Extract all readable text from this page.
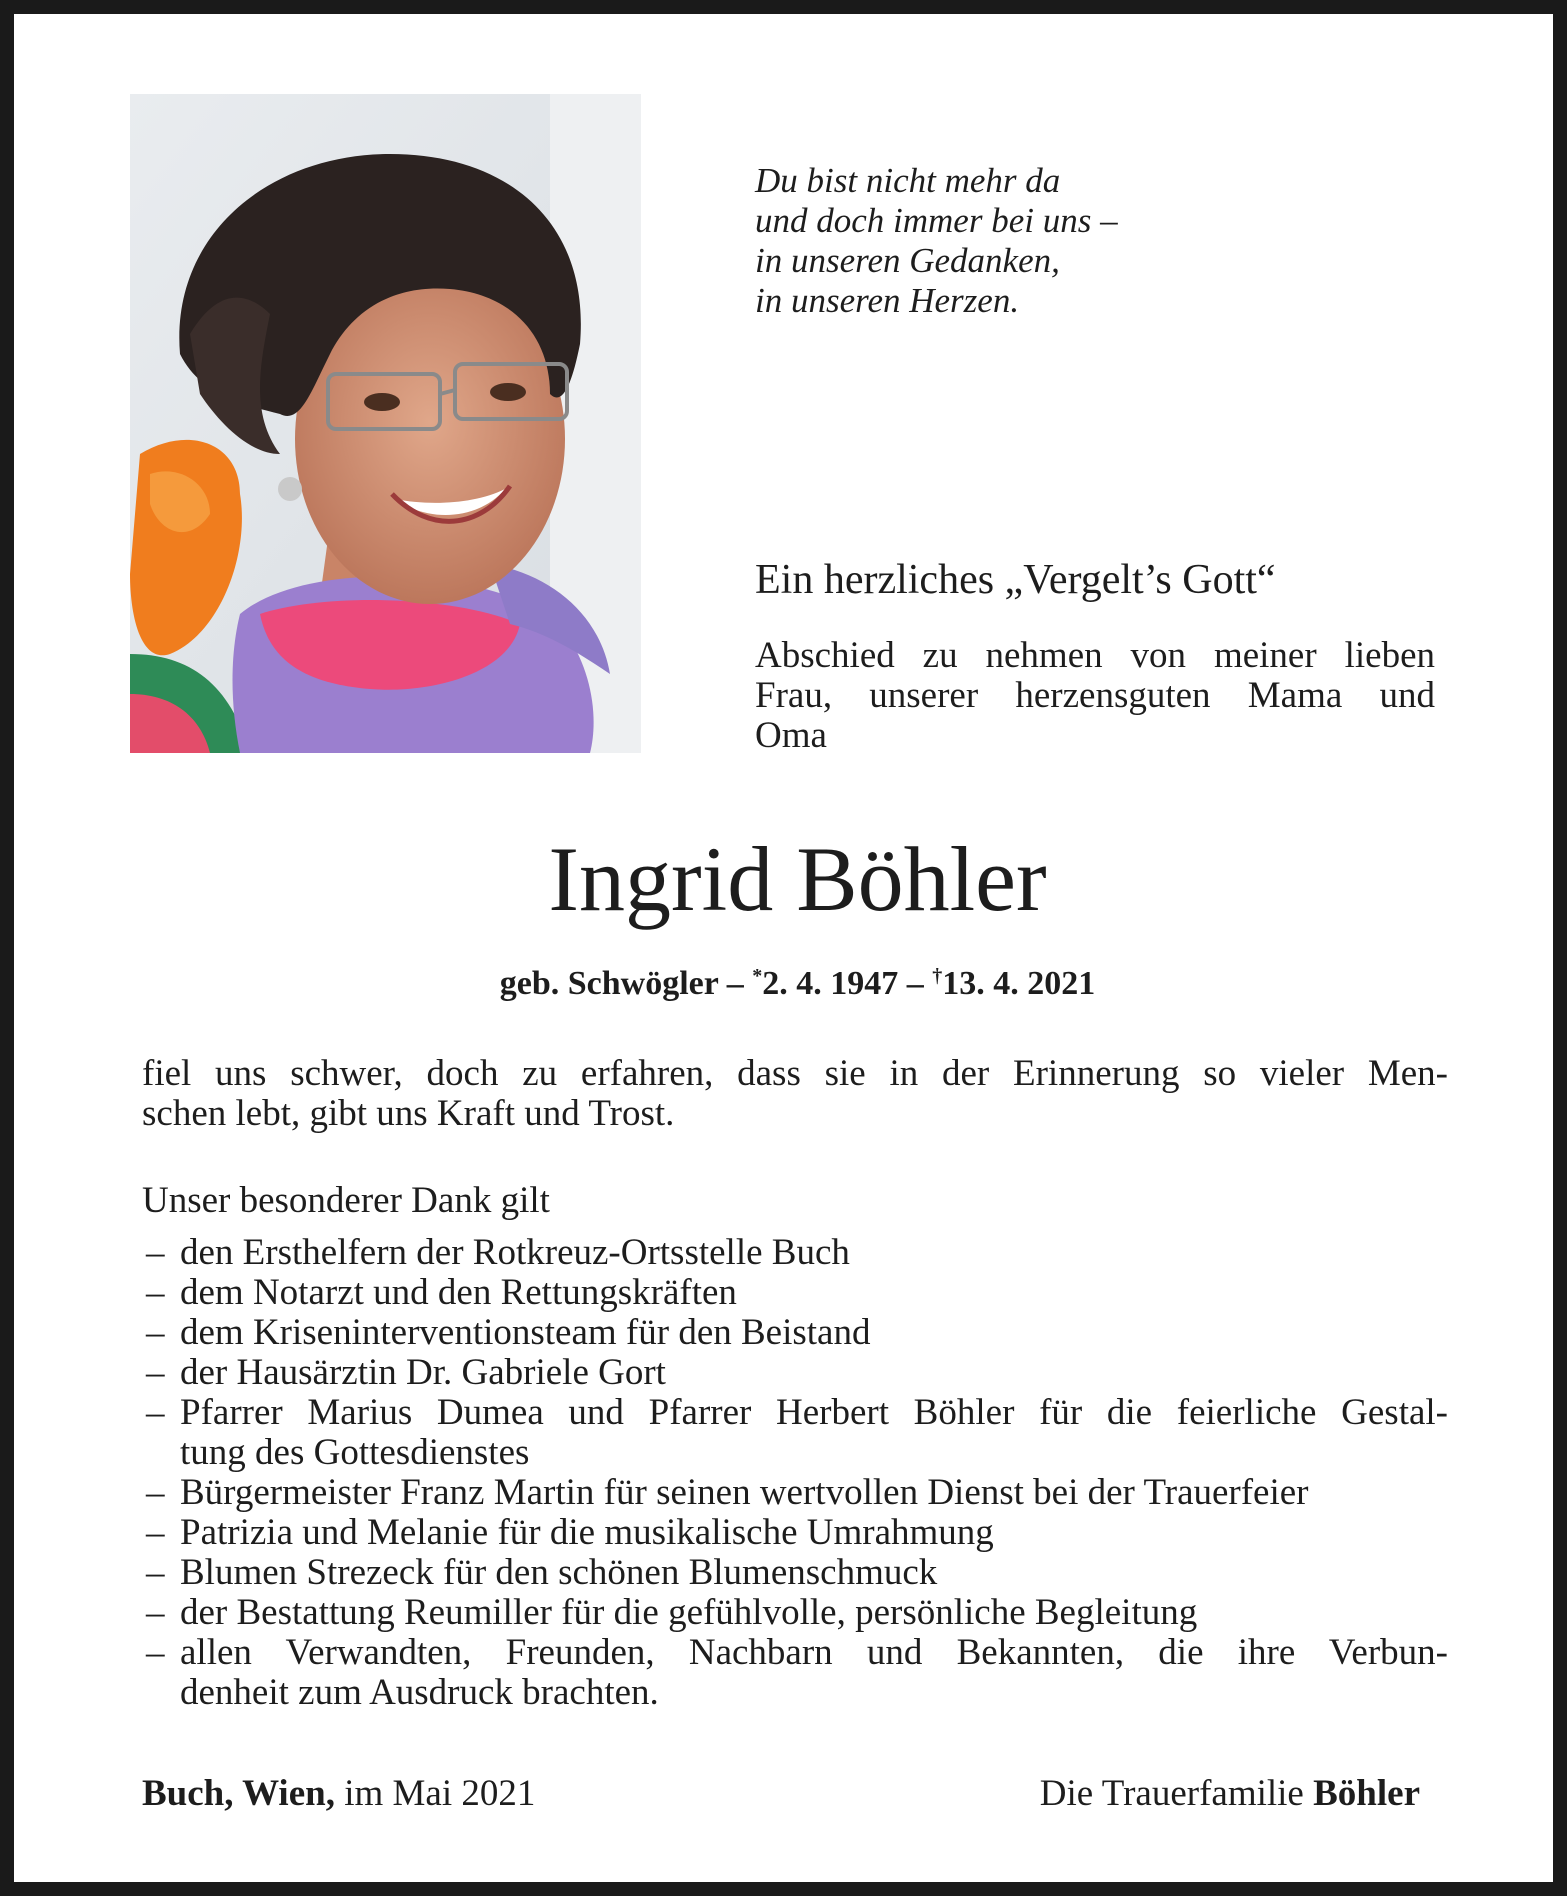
Du bist nicht mehr da
und doch immer bei uns –
in unseren Gedanken,
in unseren Herzen.
Ein herzliches „Vergelt’s Gott“
Abschied zu nehmen von meiner lieben
Frau, unserer herzensguten Mama und
Oma
Ingrid Böhler
geb. Schwögler – *2. 4. 1947 – †13. 4. 2021
fiel uns schwer, doch zu erfahren, dass sie in der Erinnerung so vieler Men-
schen lebt, gibt uns Kraft und Trost.
Unser besonderer Dank gilt
– den Ersthelfern der Rotkreuz-Ortsstelle Buch
– dem Notarzt und den Rettungskräften
– dem Kriseninterventionsteam für den Beistand
– der Hausärztin Dr. Gabriele Gort
– Pfarrer Marius Dumea und Pfarrer Herbert Böhler für die feierliche Gestal-
tung des Gottesdienstes
– Bürgermeister Franz Martin für seinen wertvollen Dienst bei der Trauerfeier
– Patrizia und Melanie für die musikalische Umrahmung
– Blumen Strezeck für den schönen Blumenschmuck
– der Bestattung Reumiller für die gefühlvolle, persönliche Begleitung
– allen Verwandten, Freunden, Nachbarn und Bekannten, die ihre Verbun-
denheit zum Ausdruck brachten.
Buch, Wien, im Mai 2021	Die Trauerfamilie Böhler
